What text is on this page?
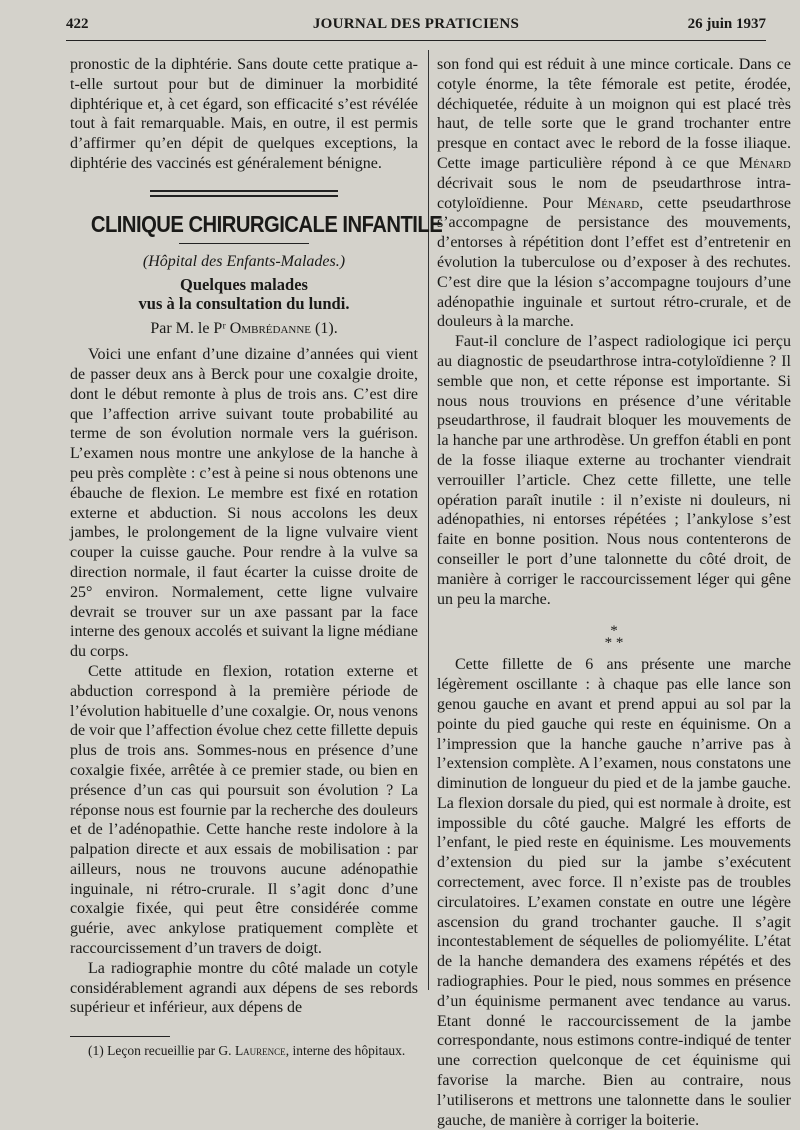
422	JOURNAL DES PRATICIENS	26 juin 1937

pronostic de la diphtérie. Sans doute cette pratique a-t-elle surtout pour but de diminuer la morbidité diphtérique et, à cet égard, son efficacité s’est révélée tout à fait remarquable. Mais, en outre, il est permis d’affirmer qu’en dépit de quelques exceptions, la diphtérie des vaccinés est généralement bénigne.

CLINIQUE CHIRURGICALE INFANTILE
(Hôpital des Enfants-Malades.)
Quelques malades
vus à la consultation du lundi.
Par M. le Pʳ Ombrédanne (1).

Voici une enfant d’une dizaine d’années qui vient de passer deux ans à Berck pour une coxalgie droite, dont le début remonte à plus de trois ans. C’est dire que l’affection arrive suivant toute probabilité au terme de son évolution normale vers la guérison. L’examen nous montre une ankylose de la hanche à peu près complète : c’est à peine si nous obtenons une ébauche de flexion. Le membre est fixé en rotation externe et abduction. Si nous accolons les deux jambes, le prolongement de la ligne vulvaire vient couper la cuisse gauche. Pour rendre à la vulve sa direction normale, il faut écarter la cuisse droite de 25° environ. Normalement, cette ligne vulvaire devrait se trouver sur un axe passant par la face interne des genoux accolés et suivant la ligne médiane du corps.

Cette attitude en flexion, rotation externe et abduction correspond à la première période de l’évolution habituelle d’une coxalgie. Or, nous venons de voir que l’affection évolue chez cette fillette depuis plus de trois ans. Sommes-nous en présence d’une coxalgie fixée, arrêtée à ce premier stade, ou bien en présence d’un cas qui poursuit son évolution ? La réponse nous est fournie par la recherche des douleurs et de l’adénopathie. Cette hanche reste indolore à la palpation directe et aux essais de mobilisation : par ailleurs, nous ne trouvons aucune adénopathie inguinale, ni rétro-crurale. Il s’agit donc d’une coxalgie fixée, qui peut être considérée comme guérie, avec ankylose pratiquement complète et raccourcissement d’un travers de doigt.

La radiographie montre du côté malade un cotyle considérablement agrandi aux dépens de ses rebords supérieur et inférieur, aux dépens de

(1) Leçon recueillie par G. Laurence, interne des hôpitaux.

son fond qui est réduit à une mince corticale. Dans ce cotyle énorme, la tête fémorale est petite, érodée, déchiquetée, réduite à un moignon qui est placé très haut, de telle sorte que le grand trochanter entre presque en contact avec le rebord de la fosse iliaque. Cette image particulière répond à ce que Ménard décrivait sous le nom de pseudarthrose intra-cotyloïdienne. Pour Ménard, cette pseudarthrose s’accompagne de persistance des mouvements, d’entorses à répétition dont l’effet est d’entretenir en évolution la tuberculose ou d’exposer à des rechutes. C’est dire que la lésion s’accompagne toujours d’une adénopathie inguinale et surtout rétro-crurale, et de douleurs à la marche.

Faut-il conclure de l’aspect radiologique ici perçu au diagnostic de pseudarthrose intra-cotyloïdienne ? Il semble que non, et cette réponse est importante. Si nous nous trouvions en présence d’une véritable pseudarthrose, il faudrait bloquer les mouvements de la hanche par une arthrodèse. Un greffon établi en pont de la fosse iliaque externe au trochanter viendrait verrouiller l’article. Chez cette fillette, une telle opération paraît inutile : il n’existe ni douleurs, ni adénopathies, ni entorses répétées ; l’ankylose s’est faite en bonne position. Nous nous contenterons de conseiller le port d’une talonnette du côté droit, de manière à corriger le raccourcissement léger qui gêne un peu la marche.

*
* *

Cette fillette de 6 ans présente une marche légèrement oscillante : à chaque pas elle lance son genou gauche en avant et prend appui au sol par la pointe du pied gauche qui reste en équinisme. On a l’impression que la hanche gauche n’arrive pas à l’extension complète. A l’examen, nous constatons une diminution de longueur du pied et de la jambe gauche. La flexion dorsale du pied, qui est normale à droite, est impossible du côté gauche. Malgré les efforts de l’enfant, le pied reste en équinisme. Les mouvements d’extension du pied sur la jambe s’exécutent correctement, avec force. Il n’existe pas de troubles circulatoires. L’examen constate en outre une légère ascension du grand trochanter gauche. Il s’agit incontestablement de séquelles de poliomyélite. L’état de la hanche demandera des examens répétés et des radiographies. Pour le pied, nous sommes en présence d’un équinisme permanent avec tendance au varus. Etant donné le raccourcissement de la jambe correspondante, nous estimons contre-indiqué de tenter une correction quelconque de cet équinisme qui favorise la marche. Bien au contraire, nous l’utiliserons et mettrons une talonnette dans le soulier gauche, de manière à corriger la boiterie.
